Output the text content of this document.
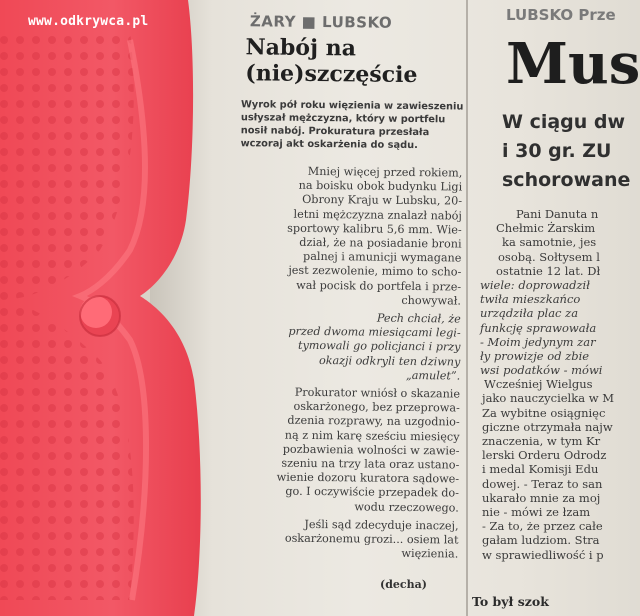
www.odkrywca.pl	ŻARY ■ LUBSKO
Nabój na (nie)szczęście
Wyrok pół roku więzienia w zawieszeniu usłyszał mężczyzna, który w portfelu nosił nabój. Prokuratura przesłała wczoraj akt oskarżenia do sądu.

Mniej więcej przed rokiem,
na boisku obok budynku Ligi
Obrony Kraju w Lubsku, 20-
letni mężczyzna znalazł nabój
sportowy kalibru 5,6 mm. Wie-
dział, że na posiadanie broni
palnej i amunicji wymagane
jest zezwolenie, mimo to scho-
wał pocisk do portfela i prze-
chowywał.

Pech chciał, że
przed dwoma miesiącami legi-
tymowali go policjanci i przy
okazji odkryli ten dziwny
„amulet”.

Prokurator wniósł o skazanie
oskarżonego, bez przeprowa-
dzenia rozprawy, na uzgodnio-
ną z nim karę sześciu miesięcy
pozbawienia wolności w zawie-
szeniu na trzy lata oraz ustano-
wienie dozoru kuratora sądowe-
go. I oczywiście przepadek do-
wodu rzeczowego.

Jeśli sąd zdecyduje inaczej,
oskarżonemu grozi... osiem lat
więzienia.

(decha)
LUBSKO Prze
Mus
W ciągu dw
i 30 gr. ZU
schorowane
Pani Danuta n
Chełmic Żarskim
ka samotnie, jes
osobą. Sołtysem l
ostatnie 12 lat. Dł
wiele: doprowadził
twiła mieszkańco
urządziła plac za
funkcję sprawowała
- Moim jedynym zar
ły prowizje od zbie
wsi podatków - mówi
Wcześniej Wielgus
jako nauczycielka w M
Za wybitne osiągnięc
giczne otrzymała najw
znaczenia, w tym Kr
lerski Orderu Odrodz
i medal Komisji Edu
dowej. - Teraz to san
ukarało mnie za moj
nie - mówi ze łzam
- Za to, że przez całe
gałam ludziom. Stra
w sprawiedliwość i p
To był szok
